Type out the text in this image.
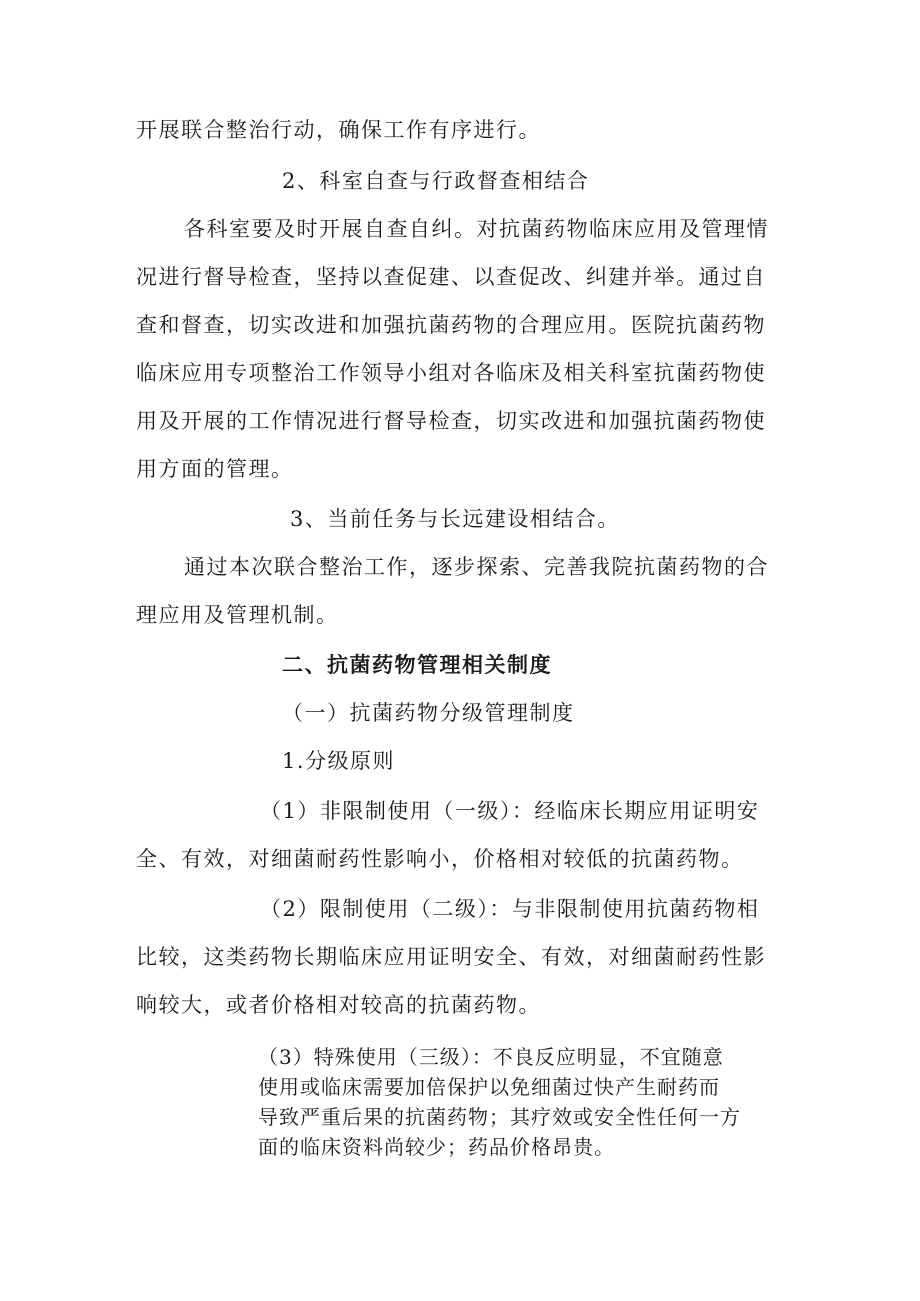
开展联合整治行动，确保工作有序进行。
2、科室自查与行政督查相结合
各科室要及时开展自查自纠。对抗菌药物临床应用及管理情
况进行督导检查，坚持以查促建、以查促改、纠建并举。通过自
查和督查，切实改进和加强抗菌药物的合理应用。医院抗菌药物
临床应用专项整治工作领导小组对各临床及相关科室抗菌药物使
用及开展的工作情况进行督导检查，切实改进和加强抗菌药物使
用方面的管理。
3、当前任务与长远建设相结合。
通过本次联合整治工作，逐步探索、完善我院抗菌药物的合
理应用及管理机制。
二、抗菌药物管理相关制度
（一）抗菌药物分级管理制度
1.分级原则
（1）非限制使用（一级）：经临床长期应用证明安
全、有效，对细菌耐药性影响小，价格相对较低的抗菌药物。
（2）限制使用（二级）：与非限制使用抗菌药物相
比较，这类药物长期临床应用证明安全、有效，对细菌耐药性影
响较大，或者价格相对较高的抗菌药物。
（3）特殊使用（三级）：不良反应明显，不宜随意
使用或临床需要加倍保护以免细菌过快产生耐药而
导致严重后果的抗菌药物；其疗效或安全性任何一方
面的临床资料尚较少；药品价格昂贵。
